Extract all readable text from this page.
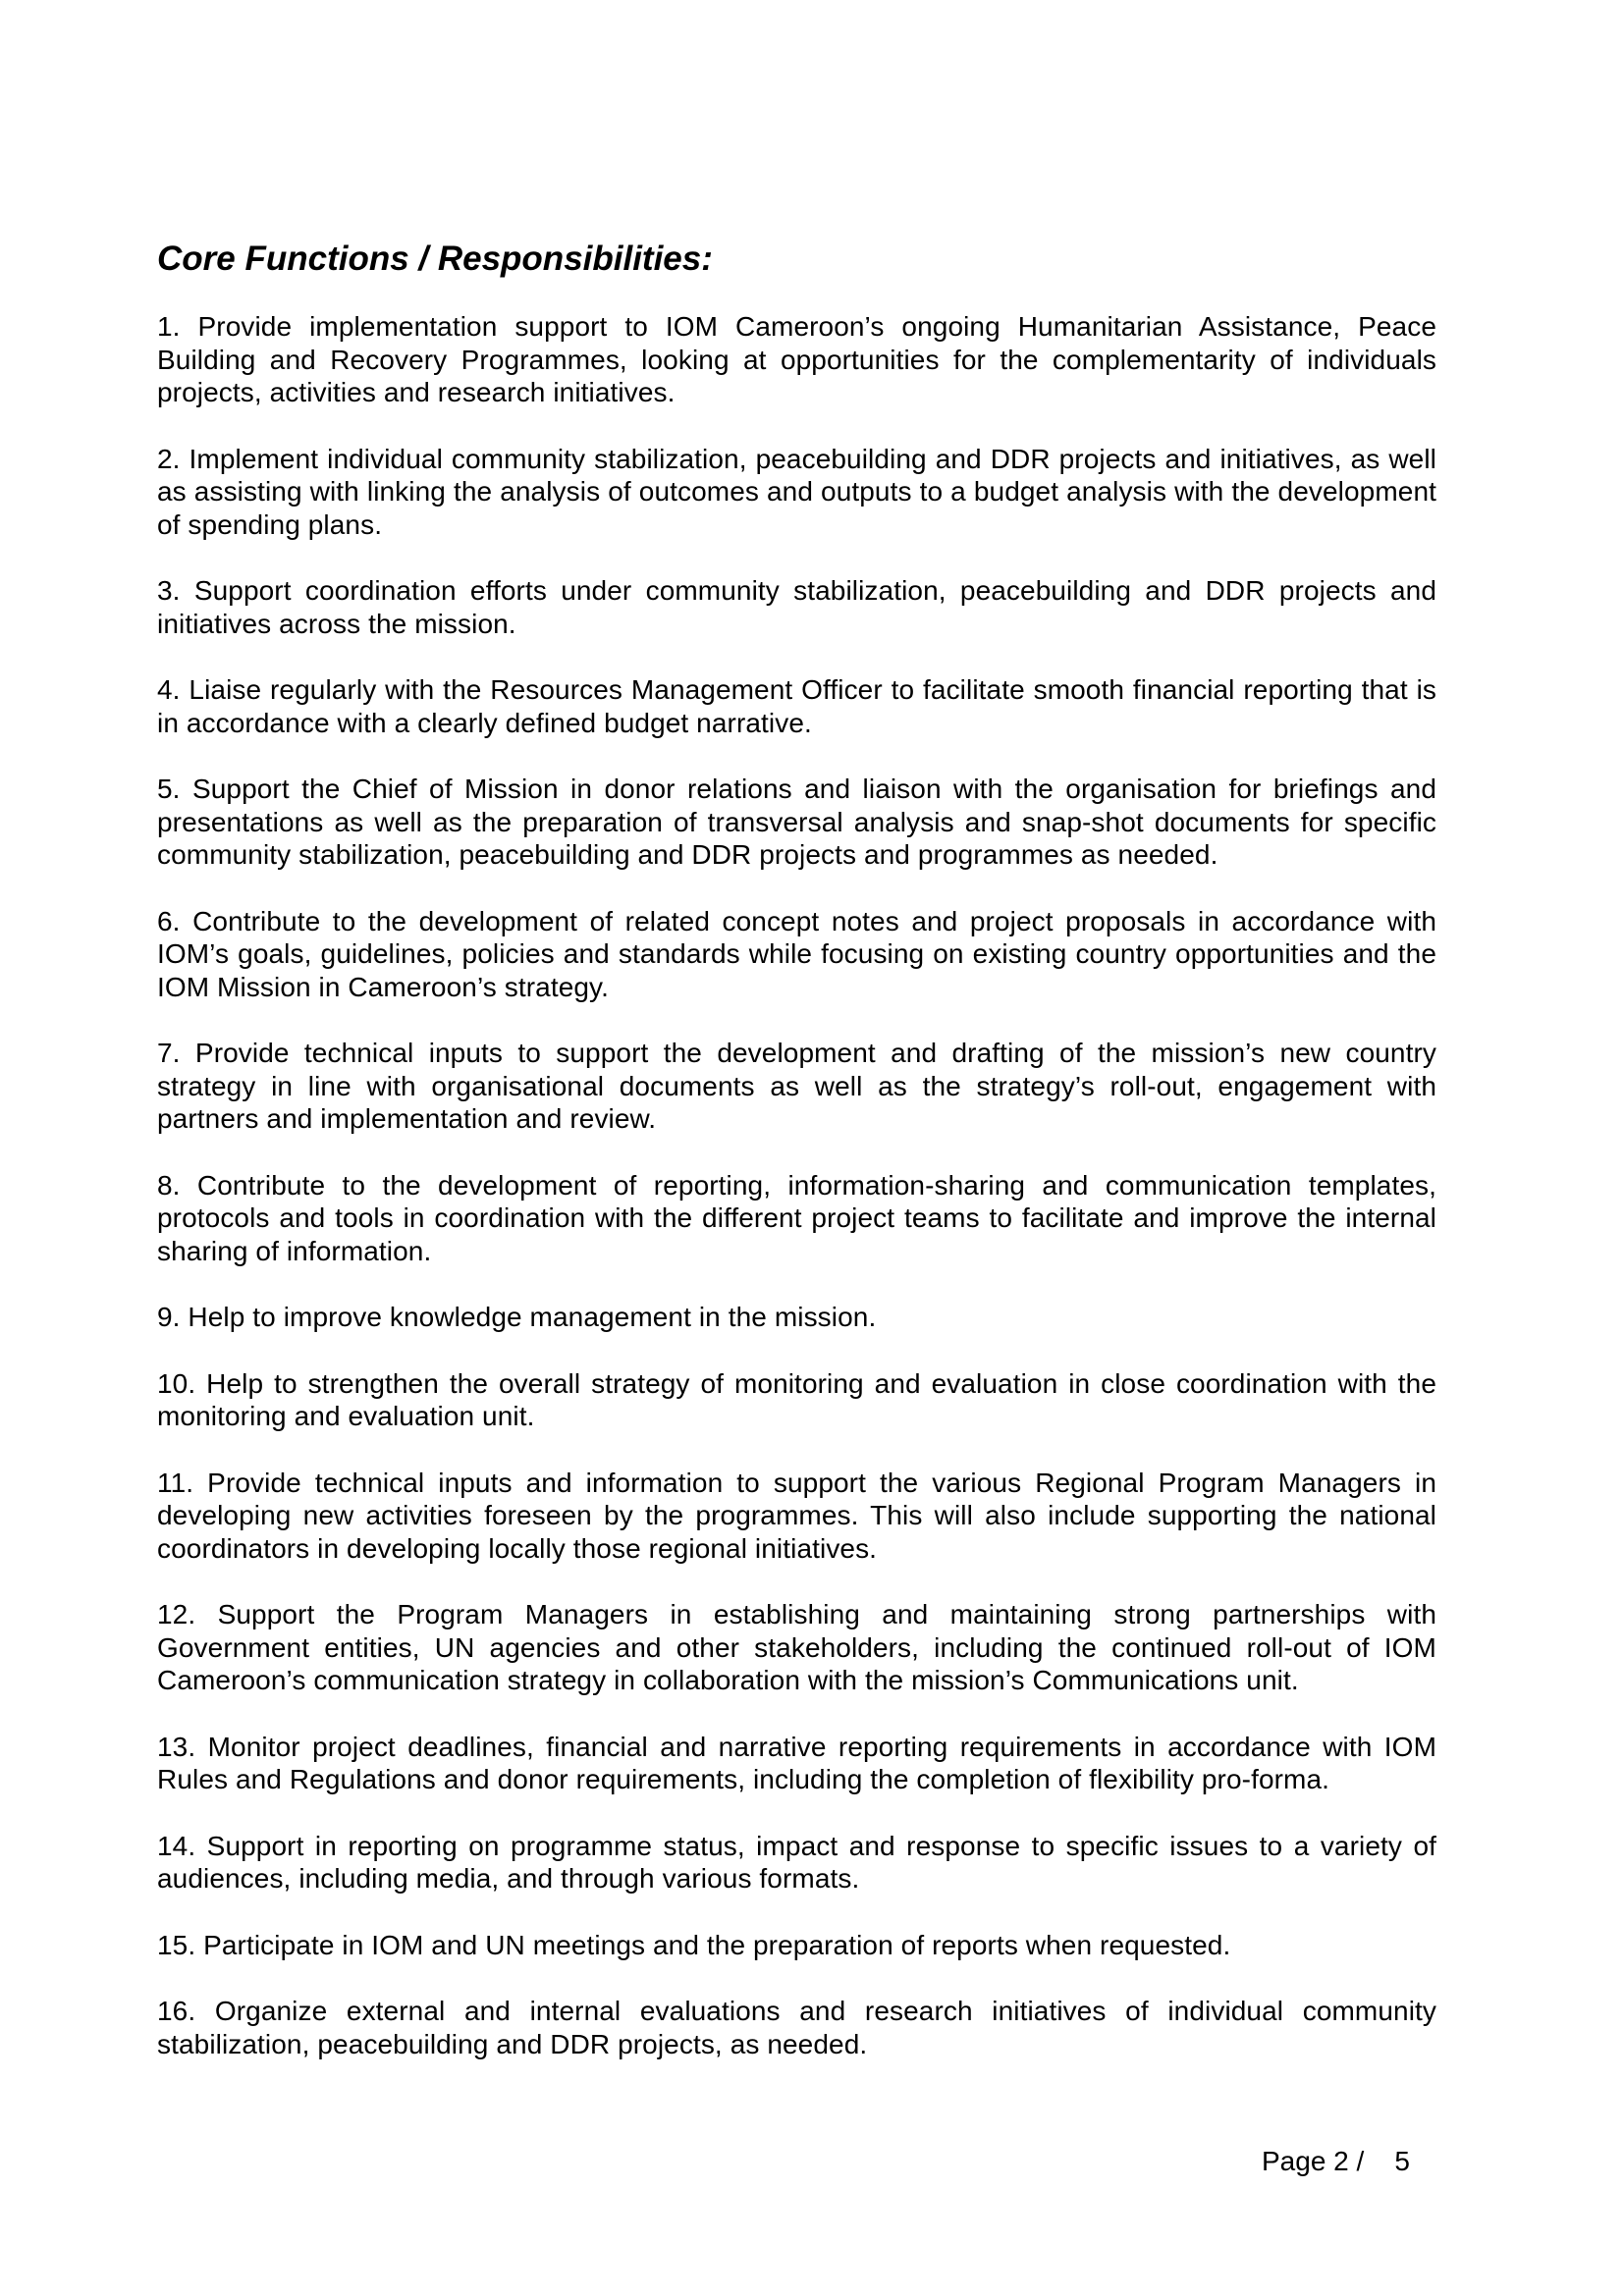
Core Functions / Responsibilities:
1. Provide implementation support to IOM Cameroon’s ongoing Humanitarian Assistance, Peace Building and Recovery Programmes, looking at opportunities for the complementarity of individuals projects, activities and research initiatives.
2. Implement individual community stabilization, peacebuilding and DDR projects and initiatives, as well as assisting with linking the analysis of outcomes and outputs to a budget analysis with the development of spending plans.
3. Support coordination efforts under community stabilization, peacebuilding and DDR projects and initiatives across the mission.
4. Liaise regularly with the Resources Management Officer to facilitate smooth financial reporting that is in accordance with a clearly defined budget narrative.
5. Support the Chief of Mission in donor relations and liaison with the organisation for briefings and presentations as well as the preparation of transversal analysis and snap-shot documents for specific community stabilization, peacebuilding and DDR projects and programmes as needed.
6. Contribute to the development of related concept notes and project proposals in accordance with IOM’s goals, guidelines, policies and standards while focusing on existing country opportunities and the IOM Mission in Cameroon’s strategy.
7. Provide technical inputs to support the development and drafting of the mission’s new country strategy in line with organisational documents as well as the strategy’s roll-out, engagement with partners and implementation and review.
8. Contribute to the development of reporting, information-sharing and communication templates, protocols and tools in coordination with the different project teams to facilitate and improve the internal sharing of information.
9. Help to improve knowledge management in the mission.
10. Help to strengthen the overall strategy of monitoring and evaluation in close coordination with the monitoring and evaluation unit.
11. Provide technical inputs and information to support the various Regional Program Managers in developing new activities foreseen by the programmes. This will also include supporting the national coordinators in developing locally those regional initiatives.
12. Support the Program Managers in establishing and maintaining strong partnerships with Government entities, UN agencies and other stakeholders, including the continued roll-out of IOM Cameroon’s communication strategy in collaboration with the mission’s Communications unit.
13. Monitor project deadlines, financial and narrative reporting requirements in accordance with IOM Rules and Regulations and donor requirements, including the completion of flexibility pro-forma.
14. Support in reporting on programme status, impact and response to specific issues to a variety of audiences, including media, and through various formats.
15. Participate in IOM and UN meetings and the preparation of reports when requested.
16. Organize external and internal evaluations and research initiatives of individual community stabilization, peacebuilding and DDR projects, as needed.
Page 2 /    5
